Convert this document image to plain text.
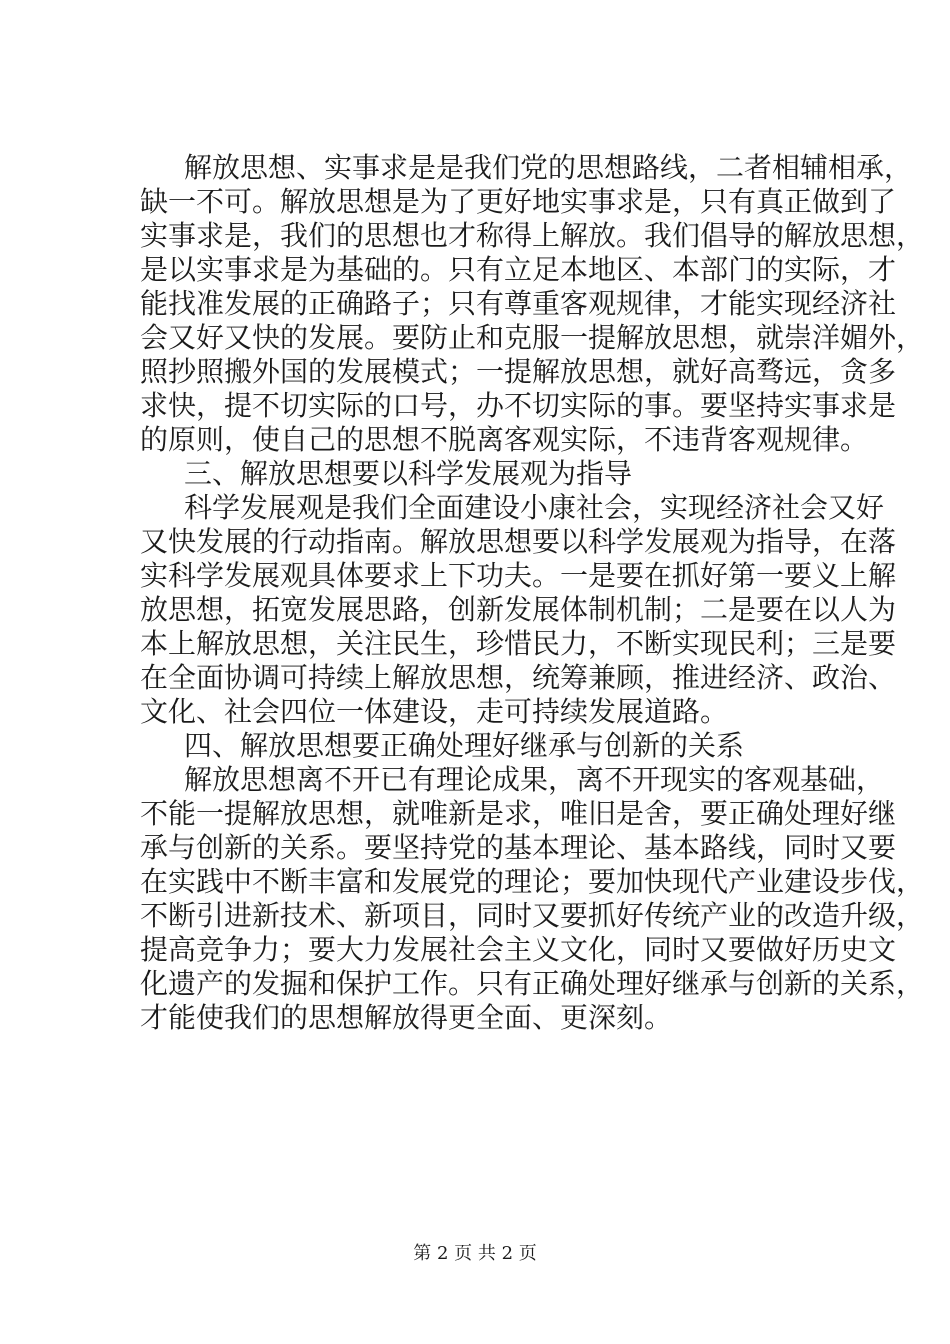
解放思想、实事求是是我们党的思想路线，二者相辅相承，
缺一不可。解放思想是为了更好地实事求是，只有真正做到了
实事求是，我们的思想也才称得上解放。我们倡导的解放思想，
是以实事求是为基础的。只有立足本地区、本部门的实际，才
能找准发展的正确路子；只有尊重客观规律，才能实现经济社
会又好又快的发展。要防止和克服一提解放思想，就崇洋媚外，
照抄照搬外国的发展模式；一提解放思想，就好高骛远，贪多
求快，提不切实际的口号，办不切实际的事。要坚持实事求是
的原则，使自己的思想不脱离客观实际，不违背客观规律。
三、解放思想要以科学发展观为指导
科学发展观是我们全面建设小康社会，实现经济社会又好
又快发展的行动指南。解放思想要以科学发展观为指导，在落
实科学发展观具体要求上下功夫。一是要在抓好第一要义上解
放思想，拓宽发展思路，创新发展体制机制；二是要在以人为
本上解放思想，关注民生，珍惜民力，不断实现民利；三是要
在全面协调可持续上解放思想，统筹兼顾，推进经济、政治、
文化、社会四位一体建设，走可持续发展道路。
四、解放思想要正确处理好继承与创新的关系
解放思想离不开已有理论成果，离不开现实的客观基础，
不能一提解放思想，就唯新是求，唯旧是舍，要正确处理好继
承与创新的关系。要坚持党的基本理论、基本路线，同时又要
在实践中不断丰富和发展党的理论；要加快现代产业建设步伐，
不断引进新技术、新项目，同时又要抓好传统产业的改造升级，
提高竞争力；要大力发展社会主义文化，同时又要做好历史文
化遗产的发掘和保护工作。只有正确处理好继承与创新的关系，
才能使我们的思想解放得更全面、更深刻。
第 2 页 共 2 页
